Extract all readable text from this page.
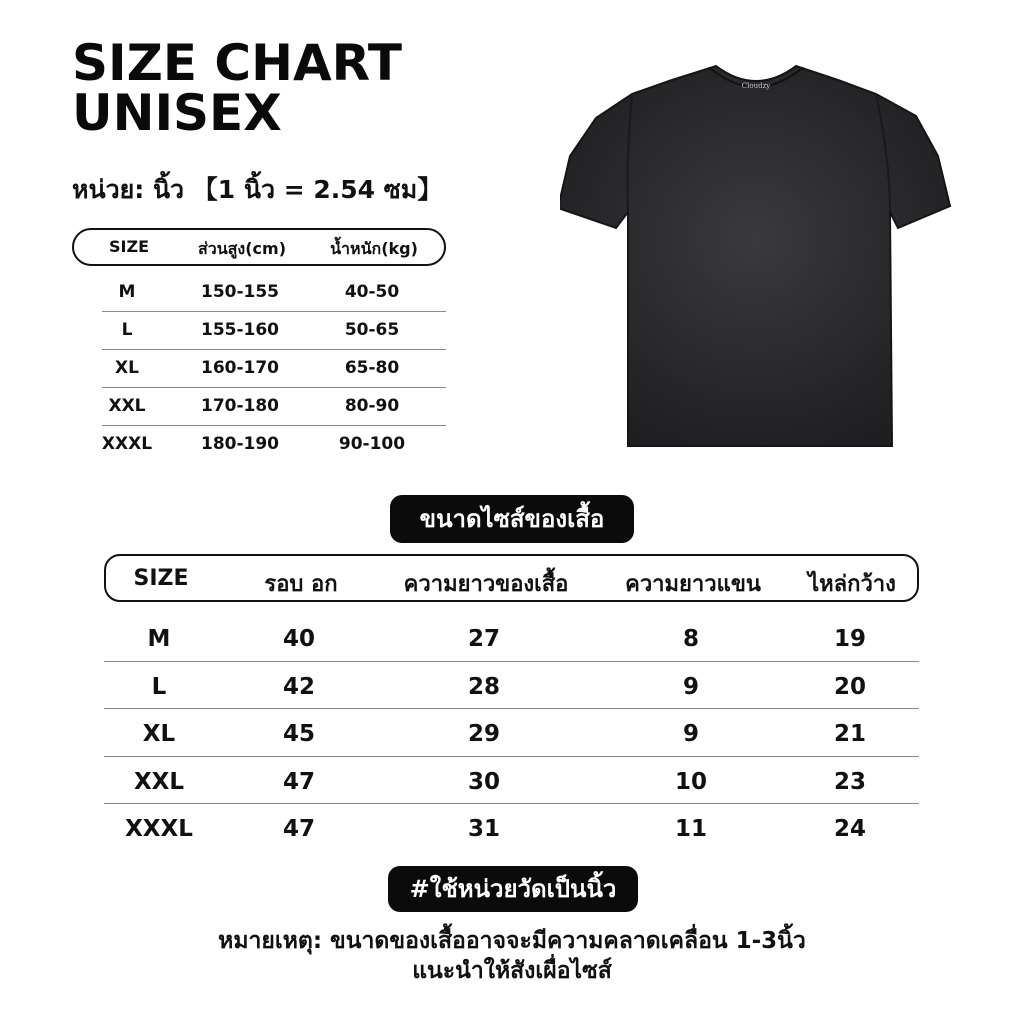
SIZE CHART
UNISEX
หน่วย: นิ้ว 【1 นิ้ว = 2.54 ซม】
SIZE	ส่วนสูง(cm)	น้ำหนัก(kg)
M	150-155	40-50
L	155-160	50-65
XL	160-170	65-80
XXL	170-180	80-90
XXXL	180-190	90-100
Cloudzy
ขนาดไซส์ของเสื้อ
SIZE	รอบ อก	ความยาวของเสื้อ	ความยาวแขน	ไหล่กว้าง
M	40	27	8	19
L	42	28	9	20
XL	45	29	9	21
XXL	47	30	10	23
XXXL	47	31	11	24
#ใช้หน่วยวัดเป็นนิ้ว
หมายเหตุ: ขนาดของเสื้ออาจจะมีความคลาดเคลื่อน 1-3นิ้ว
แนะนำให้สังเผื่อไซส์
